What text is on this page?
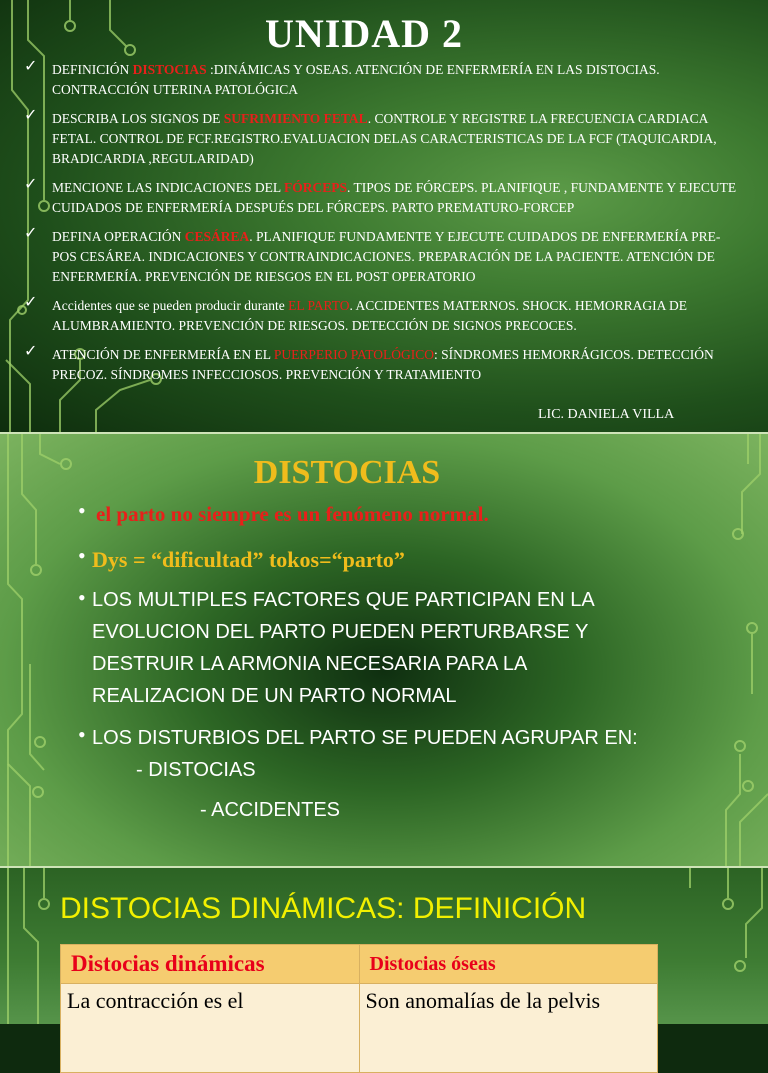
UNIDAD 2
✓ DEFINICIÓN DISTOCIAS :DINÁMICAS Y OSEAS. ATENCIÓN DE ENFERMERÍA EN LAS DISTOCIAS. CONTRACCIÓN UTERINA PATOLÓGICA
✓ DESCRIBA LOS SIGNOS DE SUFRIMIENTO FETAL. CONTROLE Y REGISTRE LA FRECUENCIA CARDIACA FETAL. CONTROL DE FCF.REGISTRO.EVALUACION DELAS CARACTERISTICAS DE LA FCF (TAQUICARDIA, BRADICARDIA ,REGULARIDAD)
✓ MENCIONE LAS INDICACIONES DEL FÓRCEPS. TIPOS DE FÓRCEPS. PLANIFIQUE , FUNDAMENTE Y EJECUTE CUIDADOS DE ENFERMERÍA DESPUÉS DEL FÓRCEPS. PARTO PREMATURO-FORCEP
✓ DEFINA OPERACIÓN CESÁREA. PLANIFIQUE FUNDAMENTE Y EJECUTE CUIDADOS DE ENFERMERÍA PRE-POS CESÁREA. INDICACIONES Y CONTRAINDICACIONES. PREPARACIÓN DE LA PACIENTE. ATENCIÓN DE ENFERMERÍA. PREVENCIÓN DE RIESGOS EN EL POST OPERATORIO
✓ Accidentes que se pueden producir durante EL PARTO. ACCIDENTES MATERNOS. SHOCK. HEMORRAGIA DE ALUMBRAMIENTO. PREVENCIÓN DE RIESGOS. DETECCIÓN DE SIGNOS PRECOCES.
✓ ATENCIÓN DE ENFERMERÍA EN EL PUERPERIO PATOLÓGICO: SÍNDROMES HEMORRÁGICOS. DETECCIÓN PRECOZ. SÍNDROMES INFECCIOSOS. PREVENCIÓN Y TRATAMIENTO
LIC. DANIELA VILLA
DISTOCIAS
• el parto no siempre es un fenómeno normal.
• Dys = “dificultad” tokos=“parto”
• LOS MULTIPLES FACTORES QUE PARTICIPAN EN LA EVOLUCION DEL PARTO PUEDEN PERTURBARSE Y DESTRUIR LA ARMONIA NECESARIA PARA LA REALIZACION DE UN PARTO NORMAL
• LOS DISTURBIOS DEL PARTO SE PUEDEN AGRUPAR EN:
- DISTOCIAS
- ACCIDENTES
DISTOCIAS DINÁMICAS: DEFINICIÓN
Distocias dinámicas	Distocias óseas
La contracción es el	Son anomalías de la pelvis
